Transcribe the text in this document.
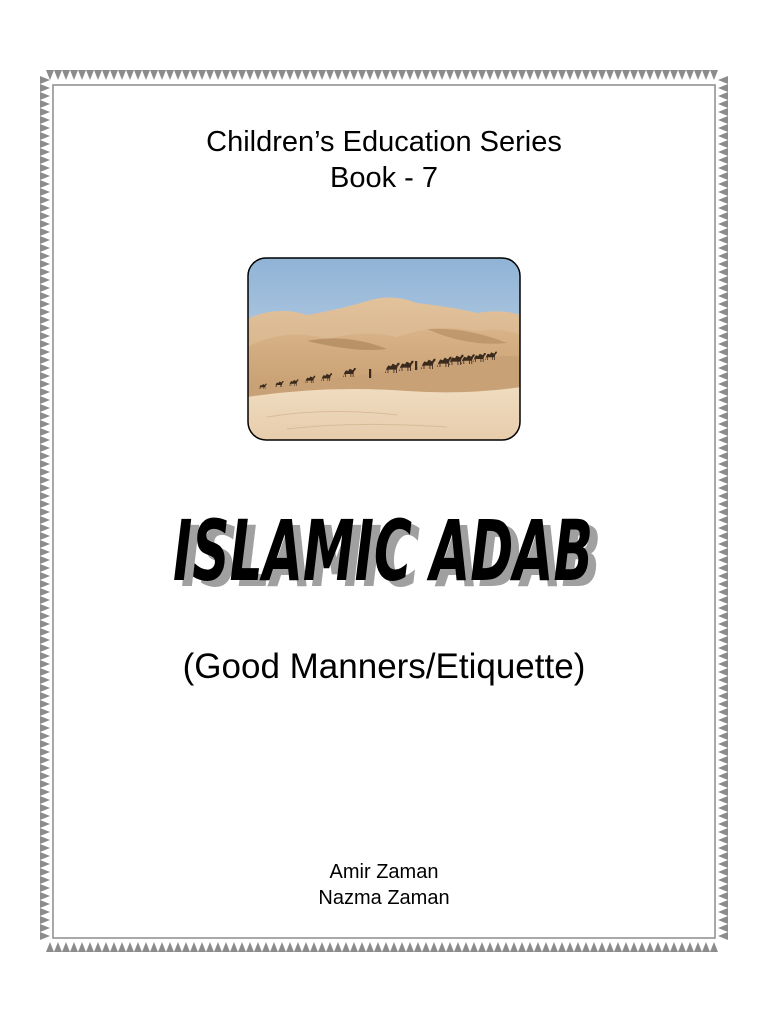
Children’s Education Series
Book - 7
ISLAMIC ADAB
ISLAMIC ADAB
(Good Manners/Etiquette)
Amir Zaman
Nazma Zaman
